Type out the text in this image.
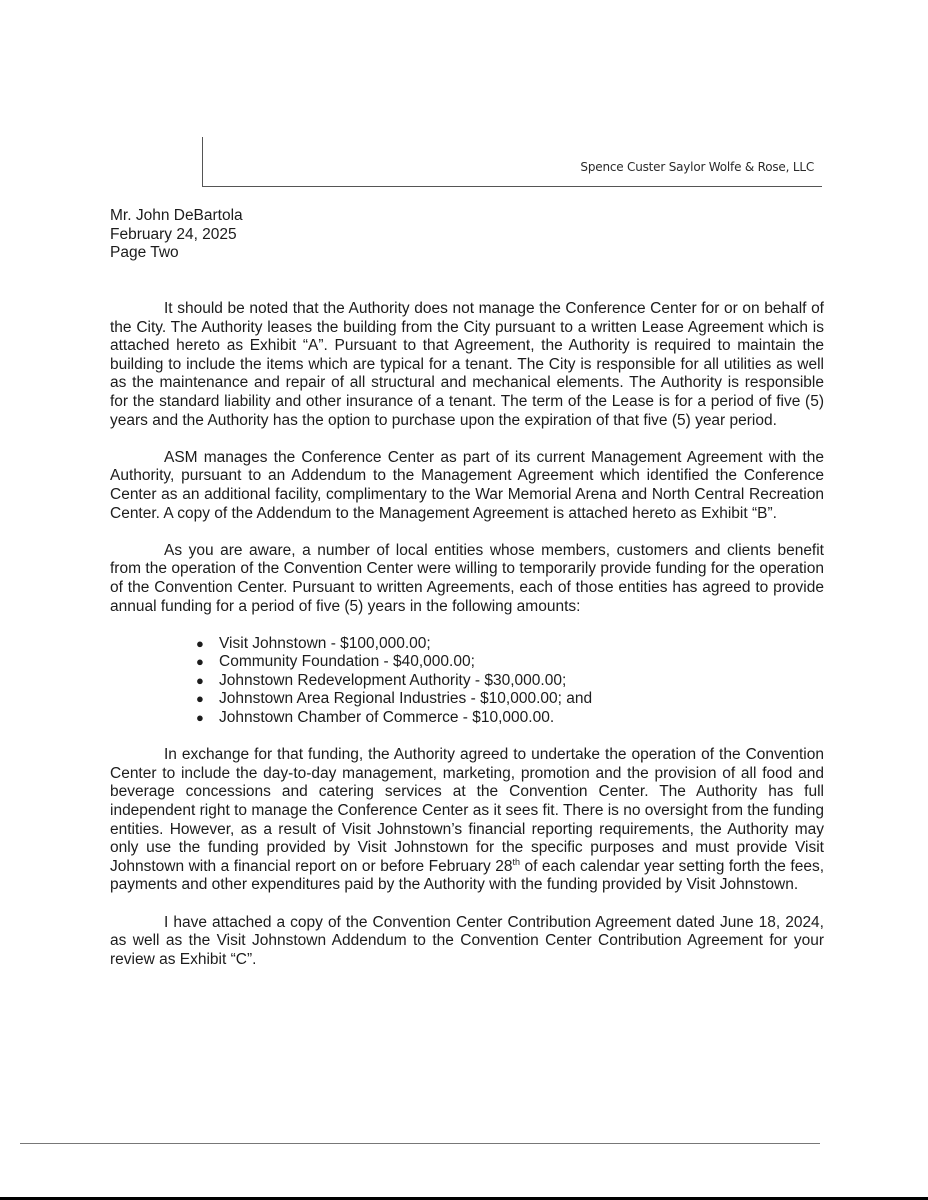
Spence Custer Saylor Wolfe & Rose, LLC
Mr. John DeBartola
February 24, 2025
Page Two

It should be noted that the Authority does not manage the Conference Center for or on behalf of the City. The Authority leases the building from the City pursuant to a written Lease Agreement which is attached hereto as Exhibit “A”. Pursuant to that Agreement, the Authority is required to maintain the building to include the items which are typical for a tenant. The City is responsible for all utilities as well as the maintenance and repair of all structural and mechanical elements. The Authority is responsible for the standard liability and other insurance of a tenant. The term of the Lease is for a period of five (5) years and the Authority has the option to purchase upon the expiration of that five (5) year period.

ASM manages the Conference Center as part of its current Management Agreement with the Authority, pursuant to an Addendum to the Management Agreement which identified the Conference Center as an additional facility, complimentary to the War Memorial Arena and North Central Recreation Center. A copy of the Addendum to the Management Agreement is attached hereto as Exhibit “B”.

As you are aware, a number of local entities whose members, customers and clients benefit from the operation of the Convention Center were willing to temporarily provide funding for the operation of the Convention Center. Pursuant to written Agreements, each of those entities has agreed to provide annual funding for a period of five (5) years in the following amounts:

● Visit Johnstown - $100,000.00;
● Community Foundation - $40,000.00;
● Johnstown Redevelopment Authority - $30,000.00;
● Johnstown Area Regional Industries - $10,000.00; and
● Johnstown Chamber of Commerce - $10,000.00.

In exchange for that funding, the Authority agreed to undertake the operation of the Convention Center to include the day-to-day management, marketing, promotion and the provision of all food and beverage concessions and catering services at the Convention Center. The Authority has full independent right to manage the Conference Center as it sees fit. There is no oversight from the funding entities. However, as a result of Visit Johnstown’s financial reporting requirements, the Authority may only use the funding provided by Visit Johnstown for the specific purposes and must provide Visit Johnstown with a financial report on or before February 28th of each calendar year setting forth the fees, payments and other expenditures paid by the Authority with the funding provided by Visit Johnstown.

I have attached a copy of the Convention Center Contribution Agreement dated June 18, 2024, as well as the Visit Johnstown Addendum to the Convention Center Contribution Agreement for your review as Exhibit “C”.
